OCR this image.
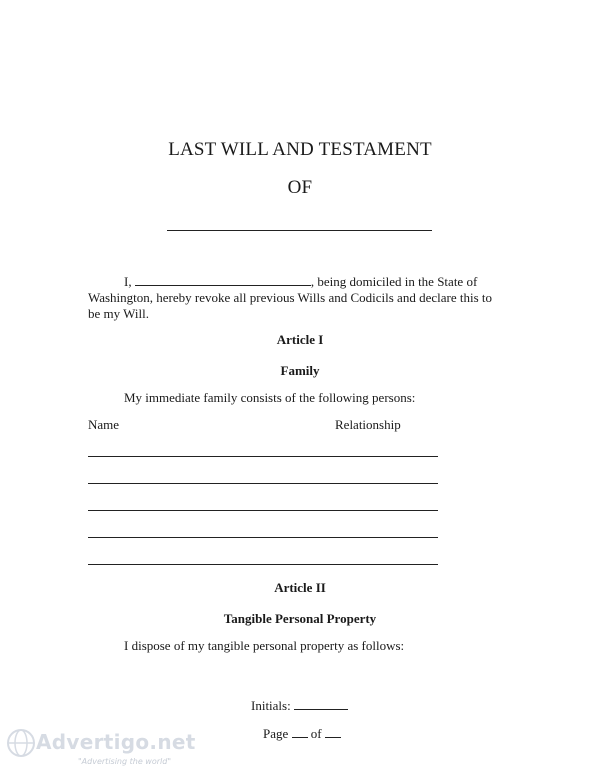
LAST WILL AND TESTAMENT
OF
I,	, being domiciled in the State of
Washington, hereby revoke all previous Wills and Codicils and declare this to
be my Will.
Article I
Family
My immediate family consists of the following persons:
Name	Relationship
Article II
Tangible Personal Property
I dispose of my tangible personal property as follows:
Initials:
Page of
Advertigo.net
"Advertising the world"
